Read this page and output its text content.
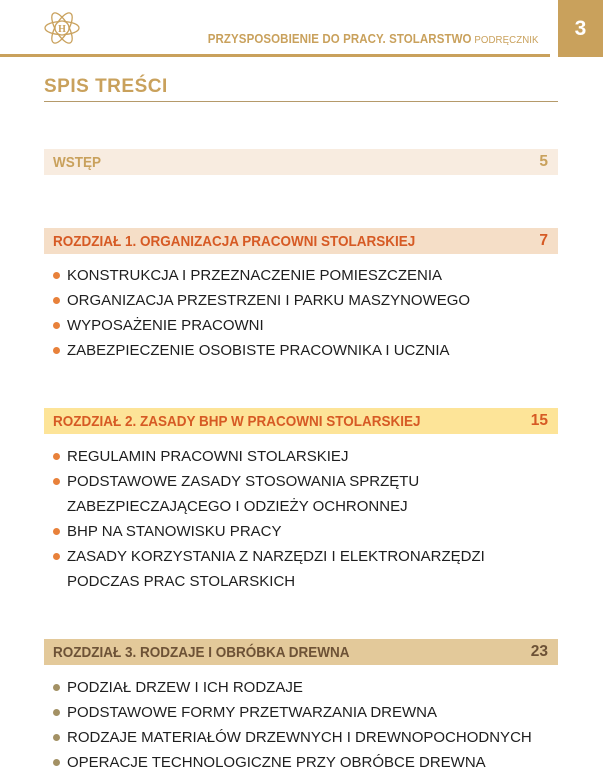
H
PRZYSPOSOBIENIE DO PRACY. STOLARSTWO PODRĘCZNIK
3
SPIS TREŚCI
WSTĘP	5
ROZDZIAŁ 1. ORGANIZACJA PRACOWNI STOLARSKIEJ	7
KONSTRUKCJA I PRZEZNACZENIE POMIESZCZENIA
ORGANIZACJA PRZESTRZENI I PARKU MASZYNOWEGO
WYPOSAŻENIE PRACOWNI
ZABEZPIECZENIE OSOBISTE PRACOWNIKA I UCZNIA
ROZDZIAŁ 2. ZASADY BHP W PRACOWNI STOLARSKIEJ	15
REGULAMIN PRACOWNI STOLARSKIEJ
PODSTAWOWE ZASADY STOSOWANIA SPRZĘTU ZABEZPIECZAJĄCEGO I ODZIEŻY OCHRONNEJ
BHP NA STANOWISKU PRACY
ZASADY KORZYSTANIA Z NARZĘDZI I ELEKTRONARZĘDZI PODCZAS PRAC STOLARSKICH
ROZDZIAŁ 3. RODZAJE I OBRÓBKA DREWNA	23
PODZIAŁ DRZEW I ICH RODZAJE
PODSTAWOWE FORMY PRZETWARZANIA DREWNA
RODZAJE MATERIAŁÓW DRZEWNYCH I DREWNOPOCHODNYCH
OPERACJE TECHNOLOGICZNE PRZY OBRÓBCE DREWNA
